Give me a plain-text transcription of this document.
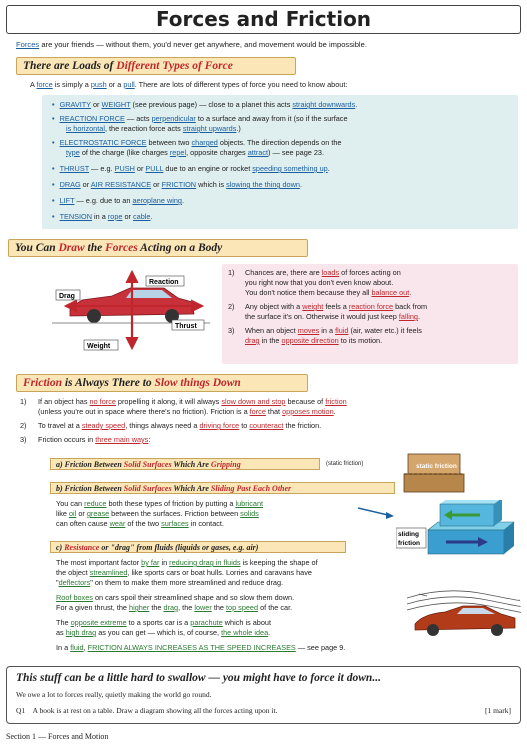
Forces and Friction
Forces are your friends — without them, you'd never get anywhere, and movement would be impossible.
There are Loads of Different Types of Force
A force is simply a push or a pull. There are lots of different types of force you need to know about:
• GRAVITY or WEIGHT (see previous page) — close to a planet this acts straight downwards.
• REACTION FORCE — acts perpendicular to a surface and away from it (so if the surface
is horizontal, the reaction force acts straight upwards.)
• ELECTROSTATIC FORCE between two charged objects. The direction depends on the
type of the charge (like charges repel, opposite charges attract) — see page 23.
• THRUST — e.g. PUSH or PULL due to an engine or rocket speeding something up.
• DRAG or AIR RESISTANCE or FRICTION which is slowing the thing down.
• LIFT — e.g. due to an aeroplane wing.
• TENSION in a rope or cable.
You Can Draw the Forces Acting on a Body
Reaction
Drag
Thrust
Weight
1) Chances are, there are loads of forces acting on
you right now that you don't even know about.
You don't notice them because they all balance out.
2) Any object with a weight feels a reaction force back from
the surface it's on. Otherwise it would just keep falling.
3) When an object moves in a fluid (air, water etc.) it feels
drag in the opposite direction to its motion.
Friction is Always There to Slow things Down
1) If an object has no force propelling it along, it will always slow down and stop because of friction
(unless you're out in space where there's no friction). Friction is a force that opposes motion.
2) To travel at a steady speed, things always need a driving force to counteract the friction.
3) Friction occurs in three main ways:
a) Friction Between Solid Surfaces Which Are Gripping	(static friction)	static friction
b) Friction Between Solid Surfaces Which Are Sliding Past Each Other
You can reduce both these types of friction by putting a lubricant
like oil or grease between the surfaces. Friction between solids
can often cause wear of the two surfaces in contact.
sliding
friction
c) Resistance or "drag" from fluids (liquids or gases, e.g. air)
The most important factor by far in reducing drag in fluids is keeping the shape of
the object streamlined, like sports cars or boat hulls. Lorries and caravans have
"deflectors" on them to make them more streamlined and reduce drag.
Roof boxes on cars spoil their streamlined shape and so slow them down.
For a given thrust, the higher the drag, the lower the top speed of the car.
The opposite extreme to a sports car is a parachute which is about
as high drag as you can get — which is, of course, the whole idea.
In a fluid, FRICTION ALWAYS INCREASES AS THE SPEED INCREASES — see page 9.
This stuff can be a little hard to swallow — you might have to force it down...
We owe a lot to forces really, quietly making the world go round.
Q1 A book is at rest on a table. Draw a diagram showing all the forces acting upon it.	[1 mark]
Section 1 — Forces and Motion
